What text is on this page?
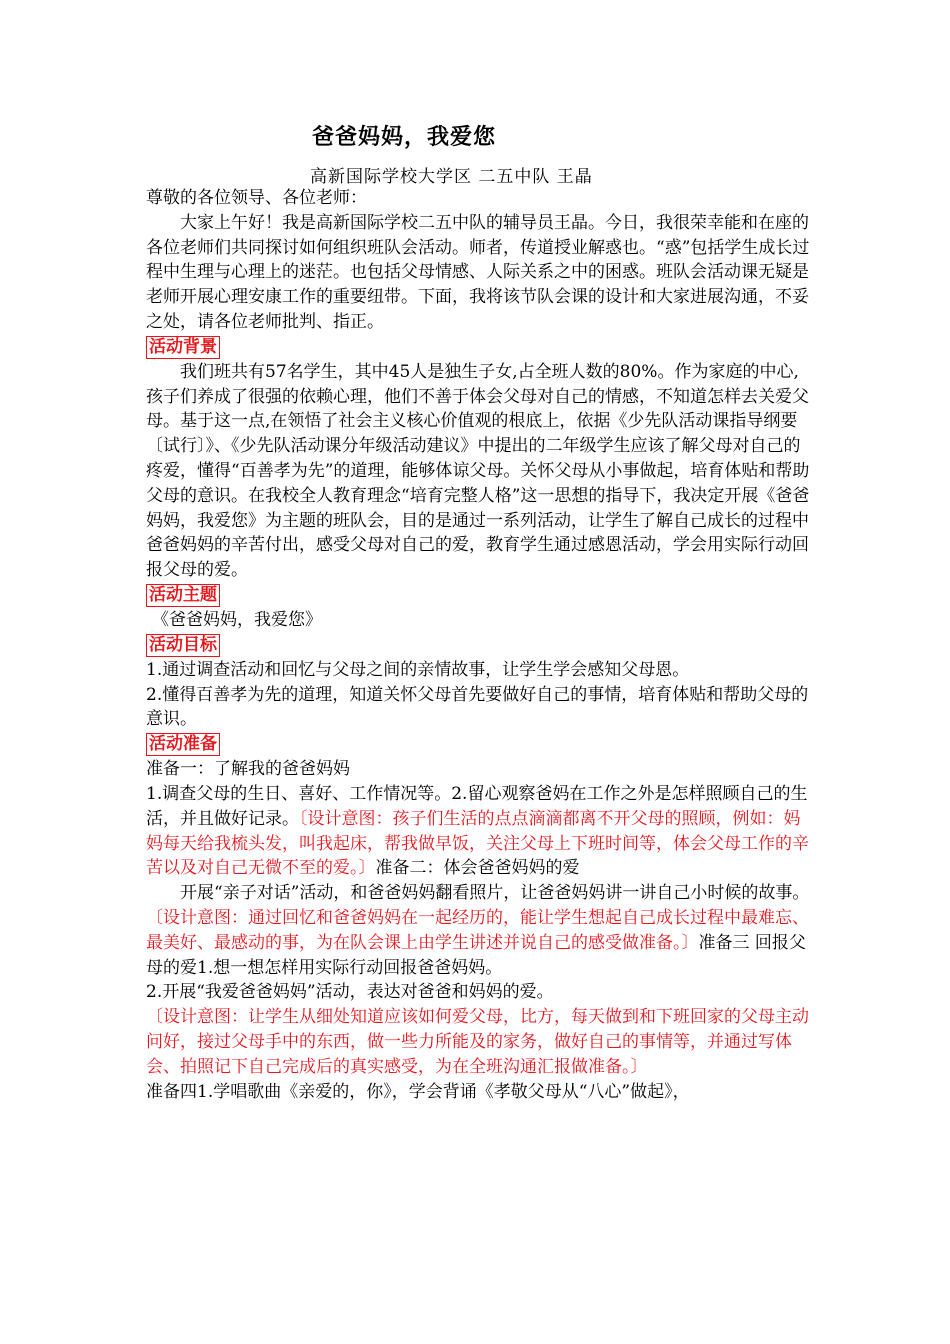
爸爸妈妈，我爱您
高新国际学校大学区 二五中队 王晶

尊敬的各位领导、各位老师：

大家上午好！我是高新国际学校二五中队的辅导员王晶。今日，我很荣幸能和在座的各位老师们共同探讨如何组织班队会活动。师者，传道授业解惑也。“惑”包括学生成长过程中生理与心理上的迷茫。也包括父母情感、人际关系之中的困惑。班队会活动课无疑是老师开展心理安康工作的重要纽带。下面，我将该节队会课的设计和大家进展沟通，不妥之处，请各位老师批判、指正。

活动背景

我们班共有57名学生，其中45人是独生子女,占全班人数的80%。作为家庭的中心,孩子们养成了很强的依赖心理，他们不善于体会父母对自己的情感，不知道怎样去关爱父母。基于这一点,在领悟了社会主义核心价值观的根底上，依据《少先队活动课指导纲要〔试行〕》、《少先队活动课分年级活动建议》中提出的二年级学生应该了解父母对自己的疼爱，懂得“百善孝为先”的道理，能够体谅父母。关怀父母从小事做起，培育体贴和帮助父母的意识。在我校全人教育理念“培育完整人格”这一思想的指导下，我决定开展《爸爸妈妈，我爱您》为主题的班队会，目的是通过一系列活动，让学生了解自己成长的过程中爸爸妈妈的辛苦付出，感受父母对自己的爱，教育学生通过感恩活动，学会用实际行动回报父母的爱。

活动主题

《爸爸妈妈，我爱您》

活动目标

1.通过调查活动和回忆与父母之间的亲情故事，让学生学会感知父母恩。

2.懂得百善孝为先的道理，知道关怀父母首先要做好自己的事情，培育体贴和帮助父母的意识。

活动准备

准备一：了解我的爸爸妈妈

1.调查父母的生日、喜好、工作情况等。2.留心观察爸妈在工作之外是怎样照顾自己的生活，并且做好记录。〔设计意图：孩子们生活的点点滴滴都离不开父母的照顾，例如：妈妈每天给我梳头发，叫我起床，帮我做早饭，关注父母上下班时间等，体会父母工作的辛苦以及对自己无微不至的爱。〕准备二：体会爸爸妈妈的爱

开展“亲子对话”活动，和爸爸妈妈翻看照片，让爸爸妈妈讲一讲自己小时候的故事。

〔设计意图：通过回忆和爸爸妈妈在一起经历的，能让学生想起自己成长过程中最难忘、最美好、最感动的事，为在队会课上由学生讲述并说自己的感受做准备。〕准备三 回报父母的爱1.想一想怎样用实际行动回报爸爸妈妈。

2.开展“我爱爸爸妈妈”活动，表达对爸爸和妈妈的爱。

〔设计意图：让学生从细处知道应该如何爱父母，比方，每天做到和下班回家的父母主动问好，接过父母手中的东西，做一些力所能及的家务，做好自己的事情等，并通过写体会、拍照记下自己完成后的真实感受，为在全班沟通汇报做准备。〕

准备四1.学唱歌曲《亲爱的，你》，学会背诵《孝敬父母从“八心”做起》，
